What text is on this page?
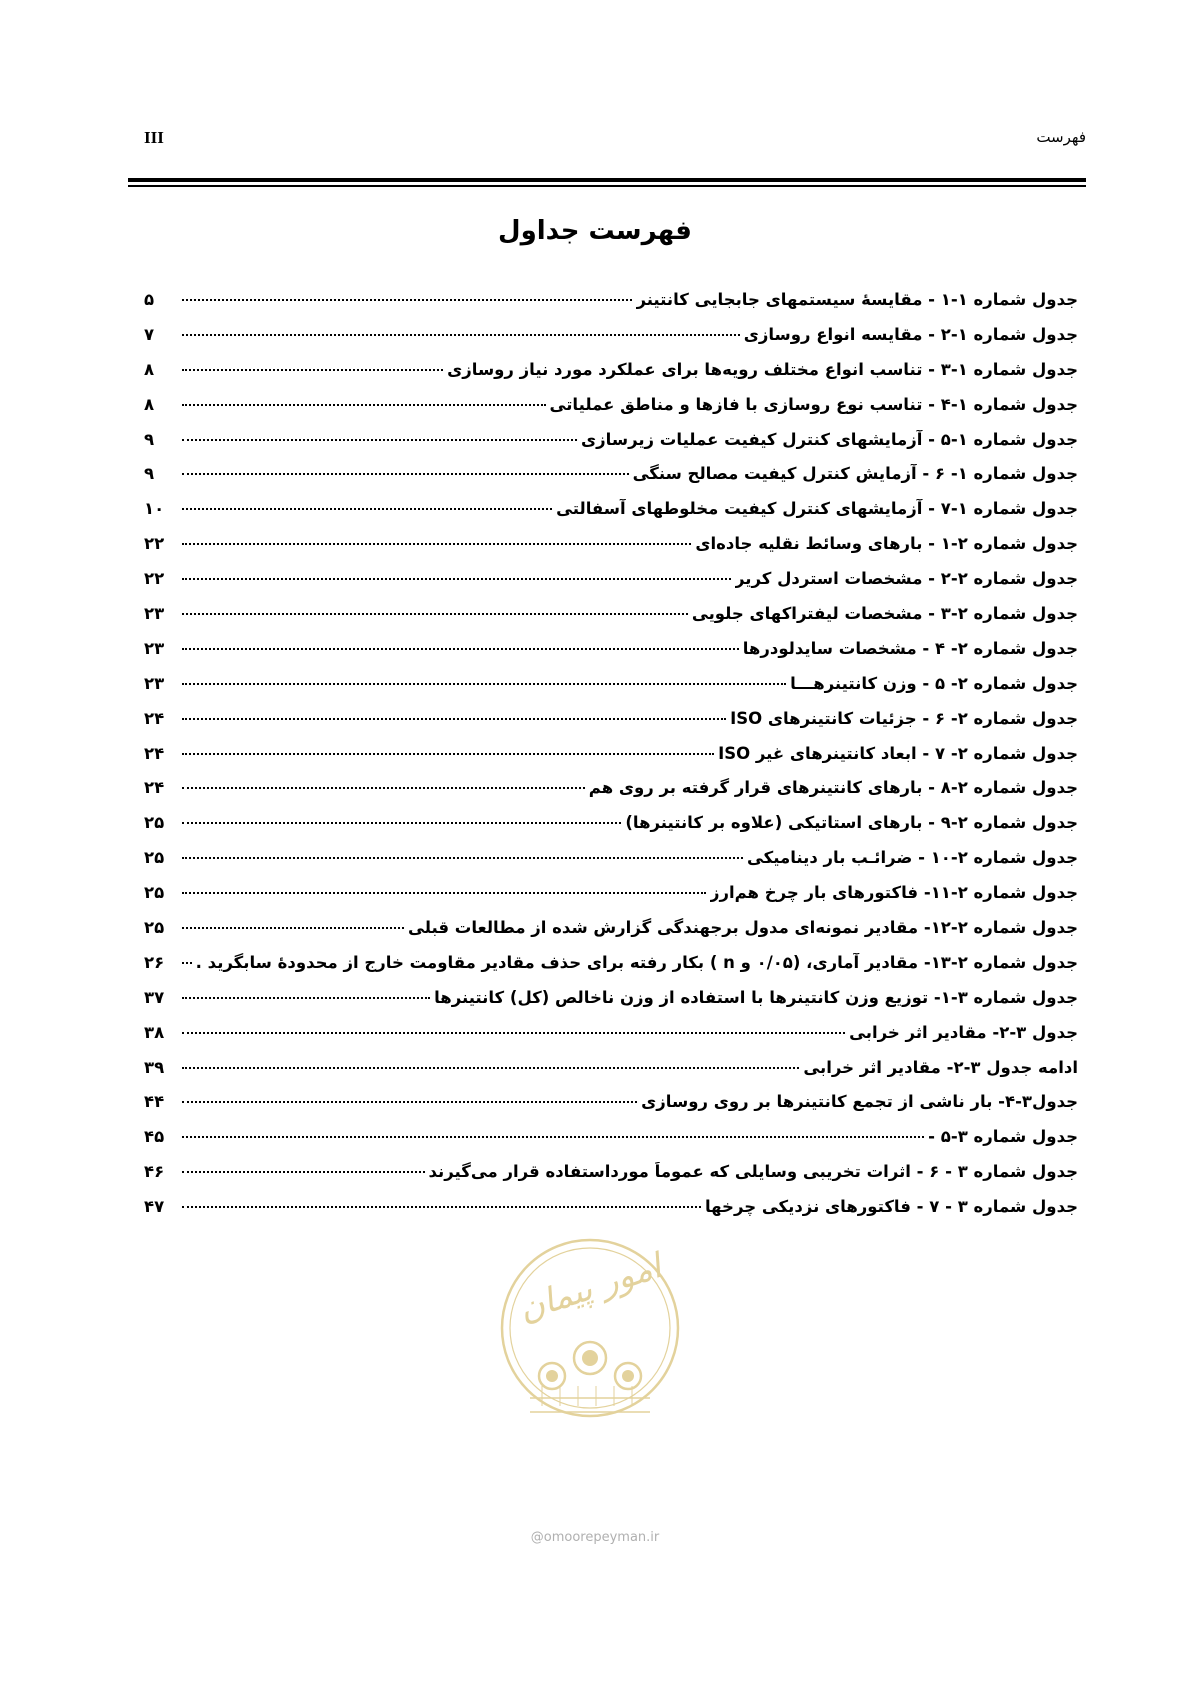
III	فهرست
فهرست جداول
جدول شماره ۱-۱ - مقایسهٔ سیستمهای جابجایی کانتینر
۵
جدول شماره ۱-۲ - مقایسه انواع روسازی
۷
جدول شماره ۱-۳ - تناسب انواع مختلف رویه‌ها برای عملکرد مورد نیاز روسازی
۸
جدول شماره ۱-۴ - تناسب نوع روسازی با فازها و مناطق عملیاتی
۸
جدول شماره ۱-۵ - آزمایشهای کنترل کیفیت عملیات زیرسازی
۹
جدول شماره ۱- ۶ - آزمایش کنترل کیفیت مصالح سنگی
۹
جدول شماره ۱-۷ - آزمایشهای کنترل کیفیت مخلوطهای آسفالتی
۱۰
جدول شماره ۲-۱ - بارهای وسائط نقلیه جاده‌ای
۲۲
جدول شماره ۲-۲ - مشخصات استردل کریر
۲۲
جدول شماره ۲-۳ - مشخصات لیفتراکهای جلویی
۲۳
جدول شماره ۲- ۴ - مشخصات سایدلودرها
۲۳
جدول شماره ۲- ۵ - وزن کانتینرهـــا
۲۳
جدول شماره ۲- ۶ - جزئیات کانتینرهای ISO
۲۴
جدول شماره ۲- ۷ - ابعاد کانتینرهای غیر ISO
۲۴
جدول شماره ۲-۸ - بارهای کانتینرهای قرار گرفته بر روی هم
۲۴
جدول شماره ۲-۹ - بارهای استاتیکی (علاوه بر کانتینرها)
۲۵
جدول شماره ۲-۱۰ - ضرائـب بار دینامیکی
۲۵
جدول شماره ۲-۱۱- فاکتورهای بار چرخ هم‌ارز
۲۵
جدول شماره ۲-۱۲- مقادیر نمونه‌ای مدول برجهندگی گزارش شده از مطالعات قبلی
۲۵
جدول شماره ۲-۱۳- مقادیر آماری، (۰/۰۵ و n ) بکار رفته برای حذف مقادیر مقاومت خارج از محدودهٔ سابگرید .
۲۶
جدول شماره ۳-۱- توزیع وزن کانتینرها با استفاده از وزن ناخالص (کل) کانتینرها
۳۷
جدول ۳-۲- مقادیر اثر خرابی
۳۸
ادامه جدول ۳-۲- مقادیر اثر خرابی
۳۹
جدول۳-۴- بار ناشی از تجمع کانتینرها بر روی روسازی
۴۴
جدول شماره ۳-۵ -
۴۵
جدول شماره ۳ - ۶ - اثرات تخریبی وسایلی که عموماً مورداستفاده قرار می‌گیرند
۴۶
جدول شماره ۳ - ۷ - فاکتورهای نزدیکی چرخها
۴۷
امور پیمان
@omoorepeyman.ir
